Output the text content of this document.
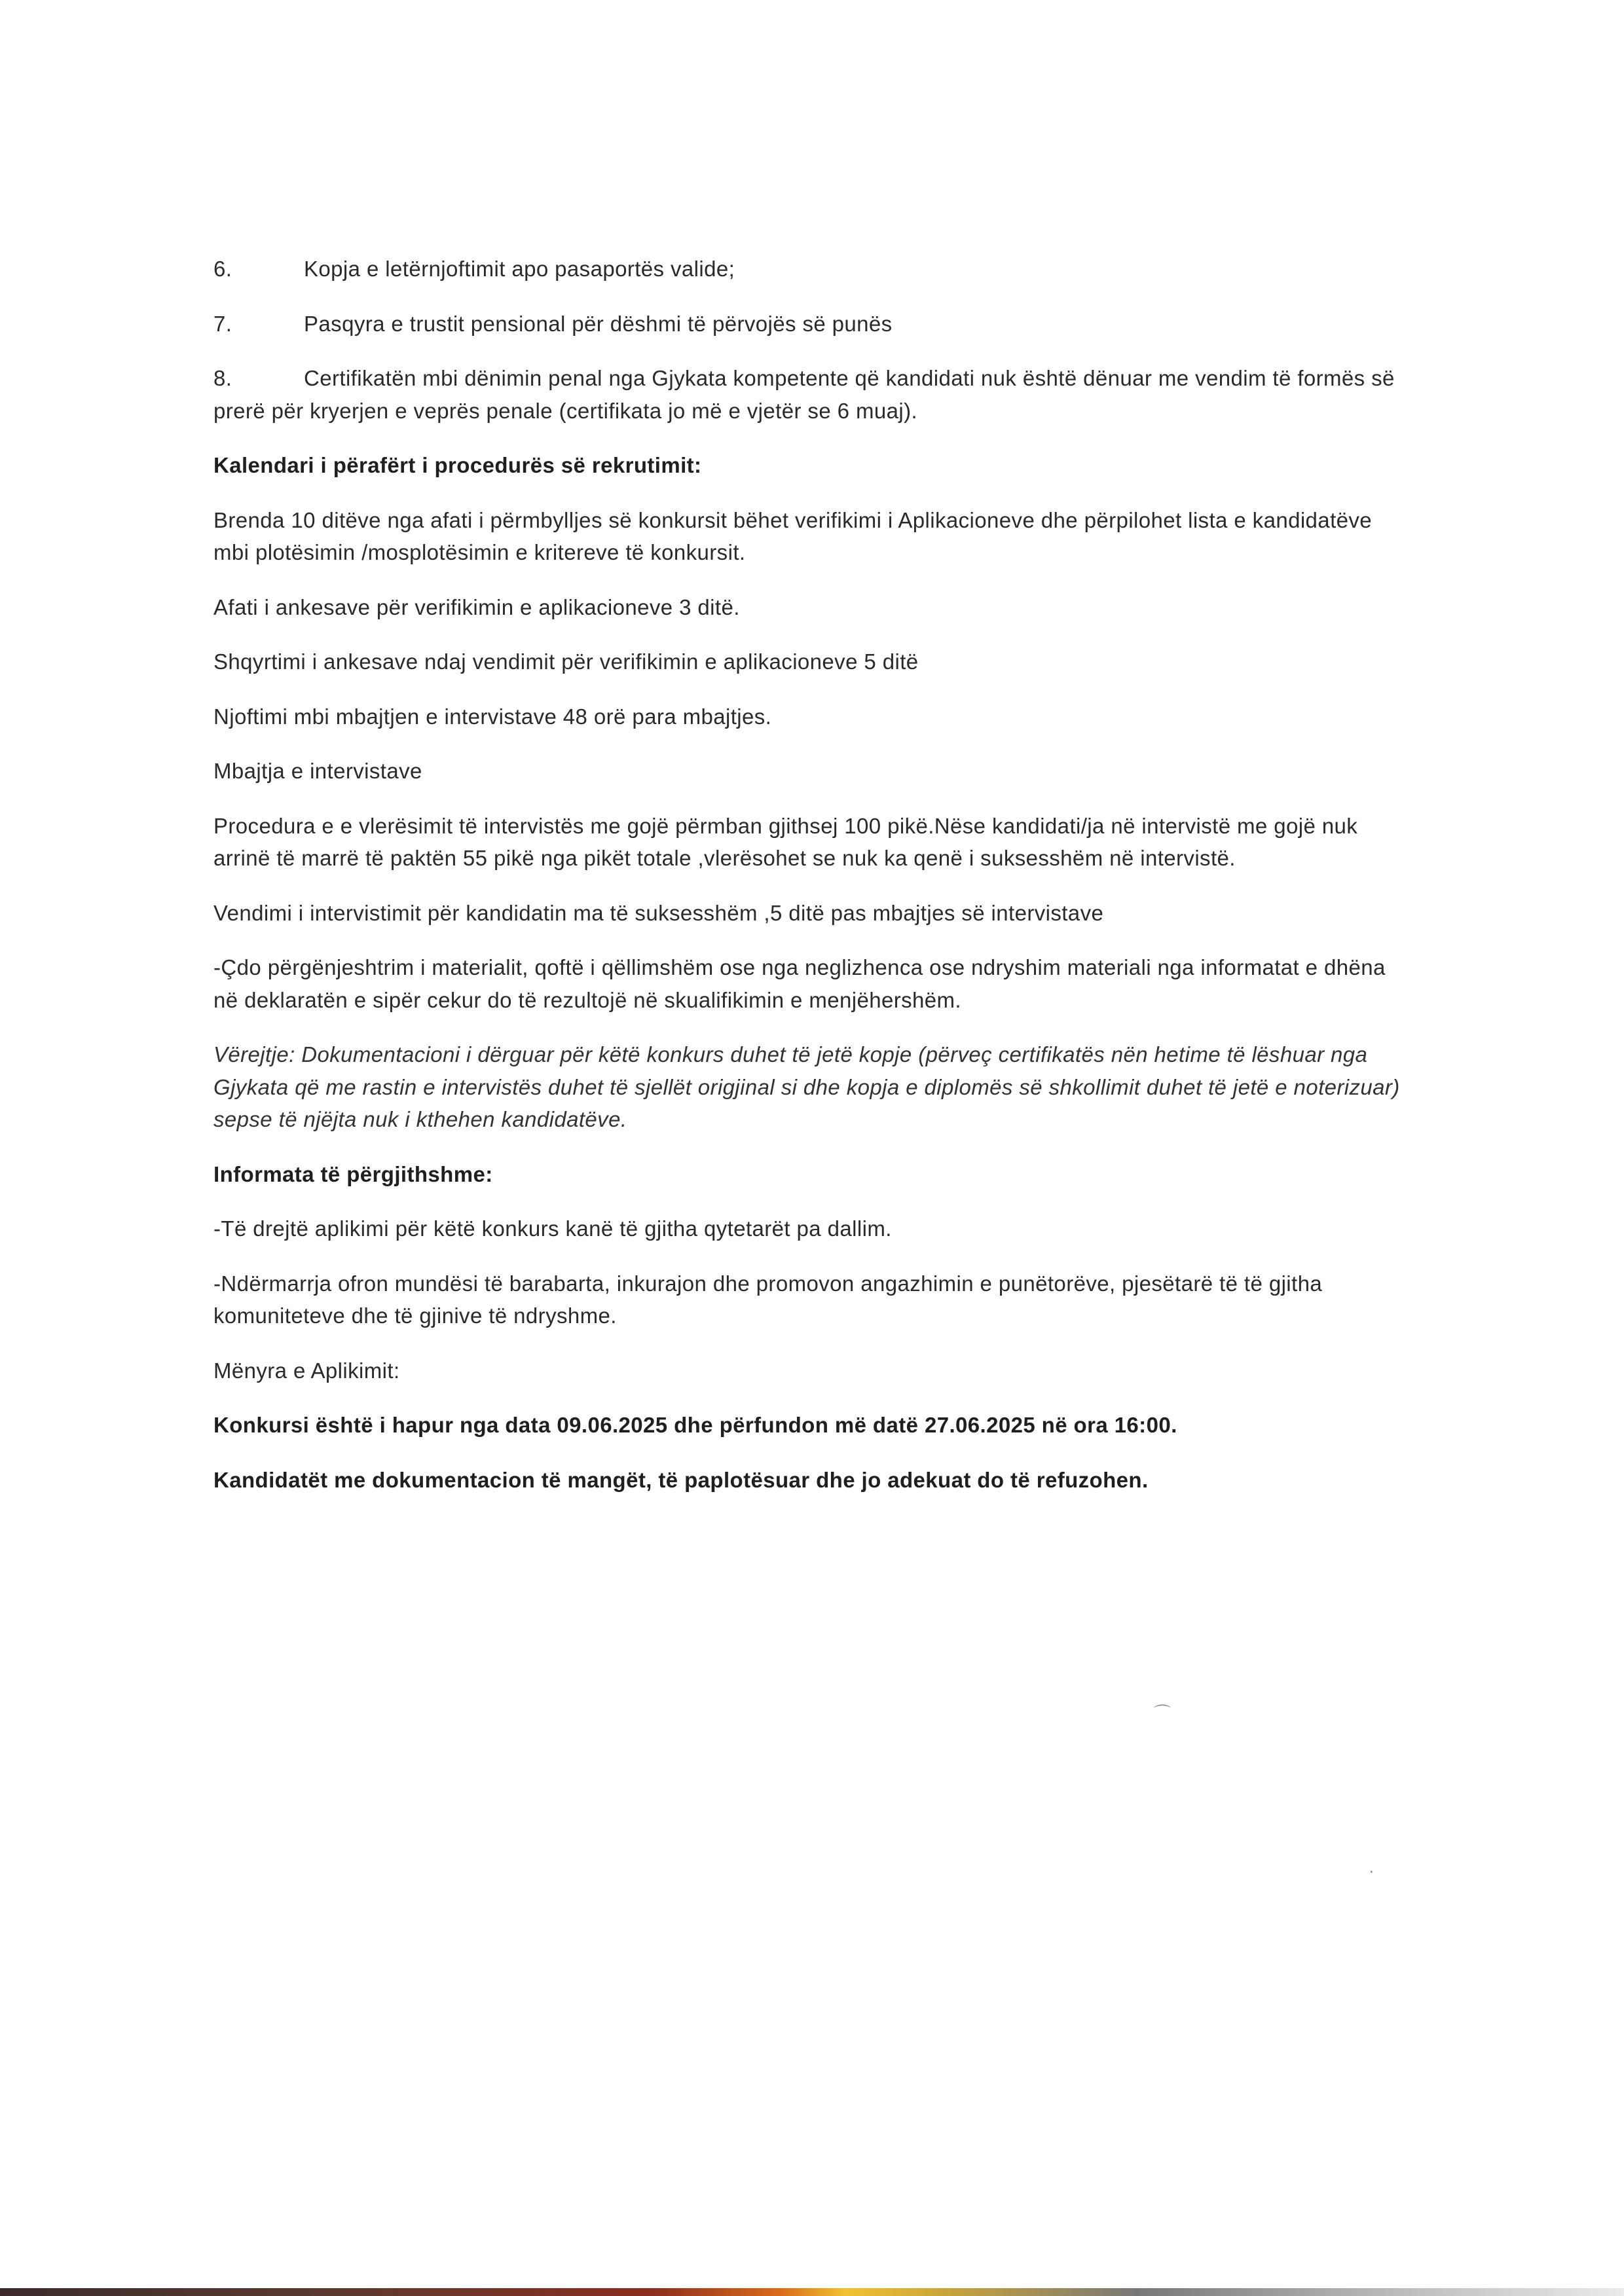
6.	Kopja e letërnjoftimit apo pasaportës valide;

7.	Pasqyra e trustit pensional për dëshmi të përvojës së punës

8.	Certifikatën mbi dënimin penal nga Gjykata kompetente që kandidati nuk është dënuar me vendim të formës së prerë për kryerjen e veprës penale (certifikata jo më e vjetër se 6 muaj).

Kalendari i përafërt i procedurës së rekrutimit:

Brenda 10 ditëve nga afati i përmbylljes së konkursit bëhet verifikimi i Aplikacioneve dhe përpilohet lista e kandidatëve mbi plotësimin /mosplotësimin e kritereve të konkursit.

Afati i ankesave për verifikimin e aplikacioneve 3 ditë.

Shqyrtimi i ankesave ndaj vendimit për verifikimin e aplikacioneve 5 ditë

Njoftimi mbi mbajtjen e intervistave 48 orë para mbajtjes.

Mbajtja e intervistave

Procedura e e vlerësimit të intervistës me gojë përmban gjithsej 100 pikë.Nëse kandidati/ja në intervistë me gojë nuk arrinë të marrë të paktën 55 pikë nga pikët totale ,vlerësohet se nuk ka qenë i suksesshëm në intervistë.

Vendimi i intervistimit për kandidatin ma të suksesshëm ,5 ditë pas mbajtjes së intervistave

-Çdo përgënjeshtrim i materialit, qoftë i qëllimshëm ose nga neglizhenca ose ndryshim materiali nga informatat e dhëna në deklaratën e sipër cekur do të rezultojë në skualifikimin e menjëhershëm.

Vërejtje: Dokumentacioni i dërguar për këtë konkurs duhet të jetë kopje (përveç certifikatës nën hetime të lëshuar nga Gjykata që me rastin e intervistës duhet të sjellët origjinal si dhe kopja e diplomës së shkollimit duhet të jetë e noterizuar) sepse të njëjta nuk i kthehen kandidatëve.

Informata të përgjithshme:

-Të drejtë aplikimi për këtë konkurs kanë të gjitha qytetarët pa dallim.

-Ndërmarrja ofron mundësi të barabarta, inkurajon dhe promovon angazhimin e punëtorëve, pjesëtarë të të gjitha komuniteteve dhe të gjinive të ndryshme.

Mënyra e Aplikimit:

Konkursi është i hapur nga data 09.06.2025 dhe përfundon më datë 27.06.2025 në ora 16:00.

Kandidatët me dokumentacion të mangët, të paplotësuar dhe jo adekuat do të refuzohen.

⌒
·
